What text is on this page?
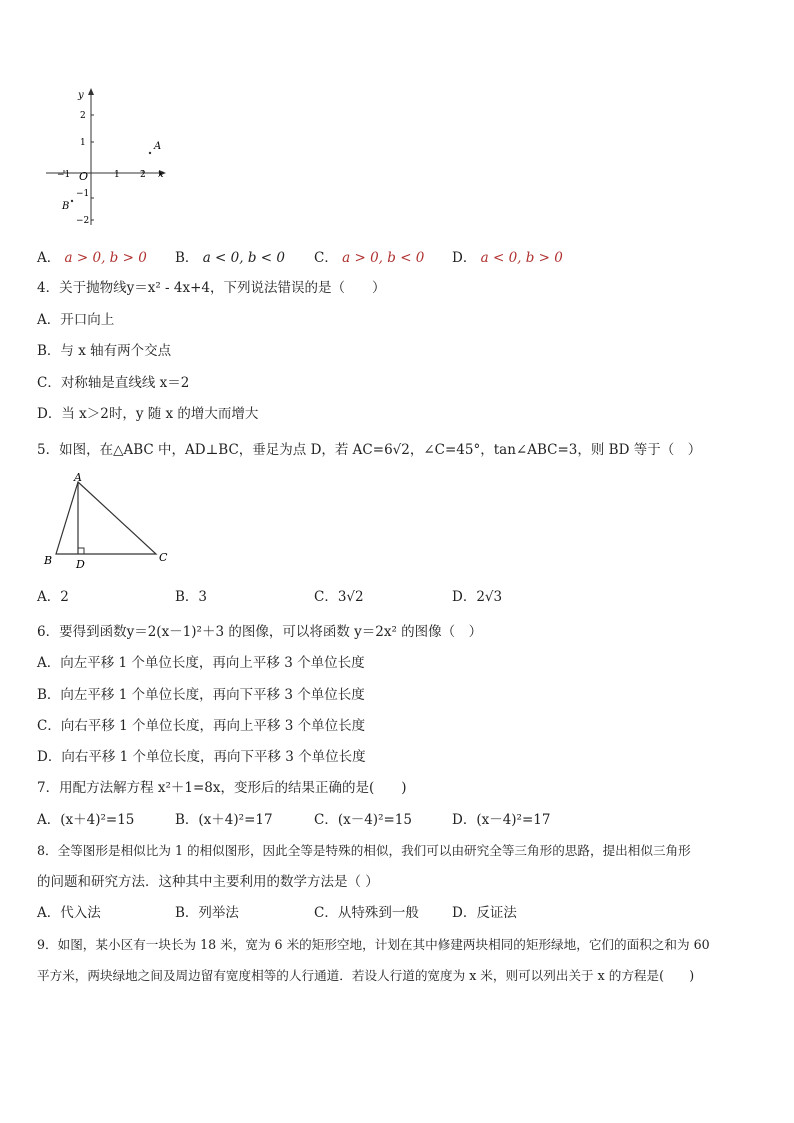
y
x
O
−1	1 2
2
1
−1
−2
A
B
A． a > 0, b > 0 B． a < 0, b < 0 C． a > 0, b < 0 D． a < 0, b > 0
4．关于抛物线y＝x² - 4x+4，下列说法错误的是（　　）
A．开口向上
B．与 x 轴有两个交点
C．对称轴是直线线 x＝2
D．当 x＞2时，y 随 x 的增大而增大
5．如图，在△ABC 中，AD⊥BC，垂足为点 D，若 AC=6√2，∠C=45°，tan∠ABC=3，则 BD 等于（　）
A
B	C
D
A．2	B．3	C．3√2	D．2√3
6．要得到函数y＝2(x－1)²＋3 的图像，可以将函数 y＝2x² 的图像（　）
A．向左平移 1 个单位长度，再向上平移 3 个单位长度
B．向左平移 1 个单位长度，再向下平移 3 个单位长度
C．向右平移 1 个单位长度，再向上平移 3 个单位长度
D．向右平移 1 个单位长度，再向下平移 3 个单位长度
7．用配方法解方程 x²＋1=8x，变形后的结果正确的是(　　)
A．(x＋4)²=15	B．(x＋4)²=17	C．(x－4)²=15	D．(x－4)²=17
8．全等图形是相似比为 1 的相似图形，因此全等是特殊的相似，我们可以由研究全等三角形的思路，提出相似三角形
的问题和研究方法．这种其中主要利用的数学方法是（ ）
A．代入法	B．列举法	C．从特殊到一般 D．反证法
9．如图，某小区有一块长为 18 米，宽为 6 米的矩形空地，计划在其中修建两块相同的矩形绿地，它们的面积之和为 60
平方米，两块绿地之间及周边留有宽度相等的人行通道．若设人行道的宽度为 x 米，则可以列出关于 x 的方程是(　　)
